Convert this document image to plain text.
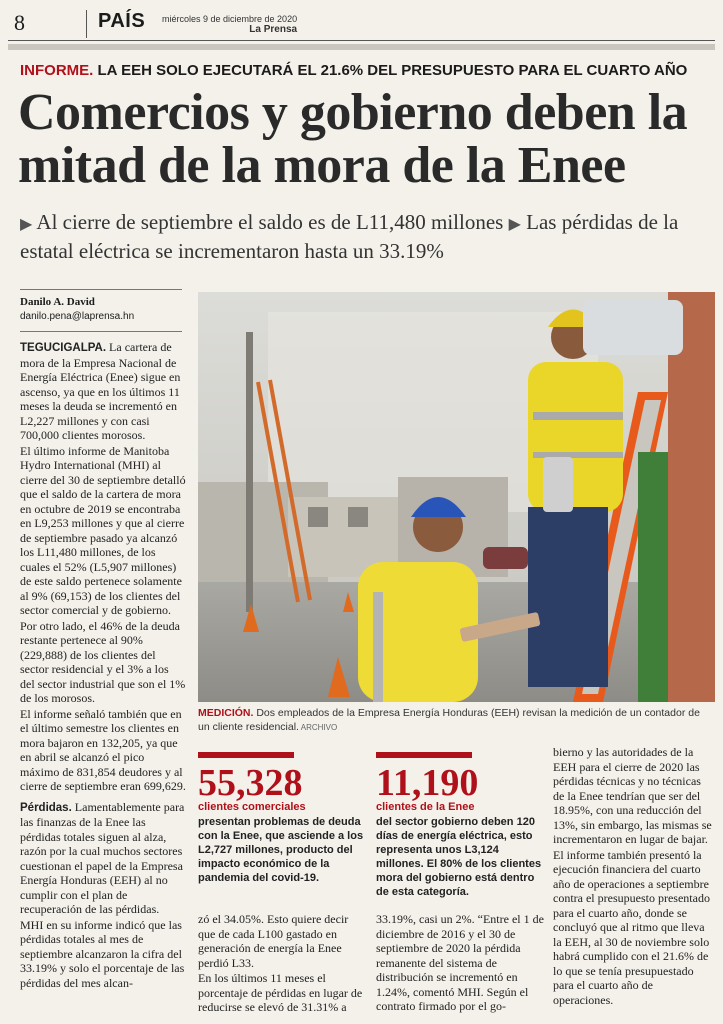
8	PAÍS miércoles 9 de diciembre de 2020
La Prensa
INFORME. LA EEH SOLO EJECUTARÁ EL 21.6% DEL PRESUPUESTO PARA EL CUARTO AÑO
Comercios y gobierno deben la mitad de la mora de la Enee
▶ Al cierre de septiembre el saldo es de L11,480 millones ▶ Las pérdidas de la estatal eléctrica se incrementaron hasta un 33.19%
Danilo A. David
danilo.pena@laprensa.hn

TEGUCIGALPA. La cartera de mora de la Empresa Nacional de Energía Eléctrica (Enee) sigue en ascenso, ya que en los últimos 11 meses la deuda se incrementó en L2,227 millones y con casi 700,000 clientes morosos.

El último informe de Manitoba Hydro International (MHI) al cierre del 30 de septiembre detalló que el saldo de la cartera de mora en octubre de 2019 se encontraba en L9,253 millones y que al cierre de septiembre pasado ya alcanzó los L11,480 millones, de los cuales el 52% (L5,907 millones) de este saldo pertenece solamente al 9% (69,153) de los clientes del sector comercial y de gobierno.

Por otro lado, el 46% de la deuda restante pertenece al 90% (229,888) de los clientes del sector residencial y el 3% a los del sector industrial que son el 1% de los morosos.

El informe señaló también que en el último semestre los clientes en mora bajaron en 132,205, ya que en abril se alcanzó el pico máximo de 831,854 deudores y al cierre de septiembre eran 699,629.

Pérdidas. Lamentablemente para las finanzas de la Enee las pérdidas totales siguen al alza, razón por la cual muchos sectores cuestionan el papel de la Empresa Energía Honduras (EEH) al no cumplir con el plan de recuperación de las pérdidas.

MHI en su informe indicó que las pérdidas totales al mes de septiembre alcanzaron la cifra del 33.19% y solo el porcentaje de las pérdidas del mes alcan-

MEDICIÓN. Dos empleados de la Empresa Energía Honduras (EEH) revisan la medición de un contador de un cliente residencial. ARCHIVO
55,328
clientes comerciales
presentan problemas de deuda con la Enee, que asciende a los L2,727 millones, producto del impacto económico de la pandemia del covid-19.
11,190
clientes de la Enee
del sector gobierno deben 120 días de energía eléctrica, esto representa unos L3,124 millones. El 80% de los clientes mora del gobierno está dentro de esta categoría.

zó el 34.05%. Esto quiere decir que de cada L100 gastado en generación de energía la Enee perdió L33.

En los últimos 11 meses el porcentaje de pérdidas en lugar de reducirse se elevó de 31.31% a

33.19%, casi un 2%. “Entre el 1 de diciembre de 2016 y el 30 de septiembre de 2020 la pérdida remanente del sistema de distribución se incrementó en 1.24%, comentó MHI. Según el contrato firmado por el go-

bierno y las autoridades de la EEH para el cierre de 2020 las pérdidas técnicas y no técnicas de la Enee tendrían que ser del 18.95%, con una reducción del 13%, sin embargo, las mismas se incrementaron en lugar de bajar.

El informe también presentó la ejecución financiera del cuarto año de operaciones a septiembre contra el presupuesto presentado para el cuarto año, donde se concluyó que al ritmo que lleva la EEH, al 30 de noviembre solo habrá cumplido con el 21.6% de lo que se tenía presupuestado para el cuarto año de operaciones.
